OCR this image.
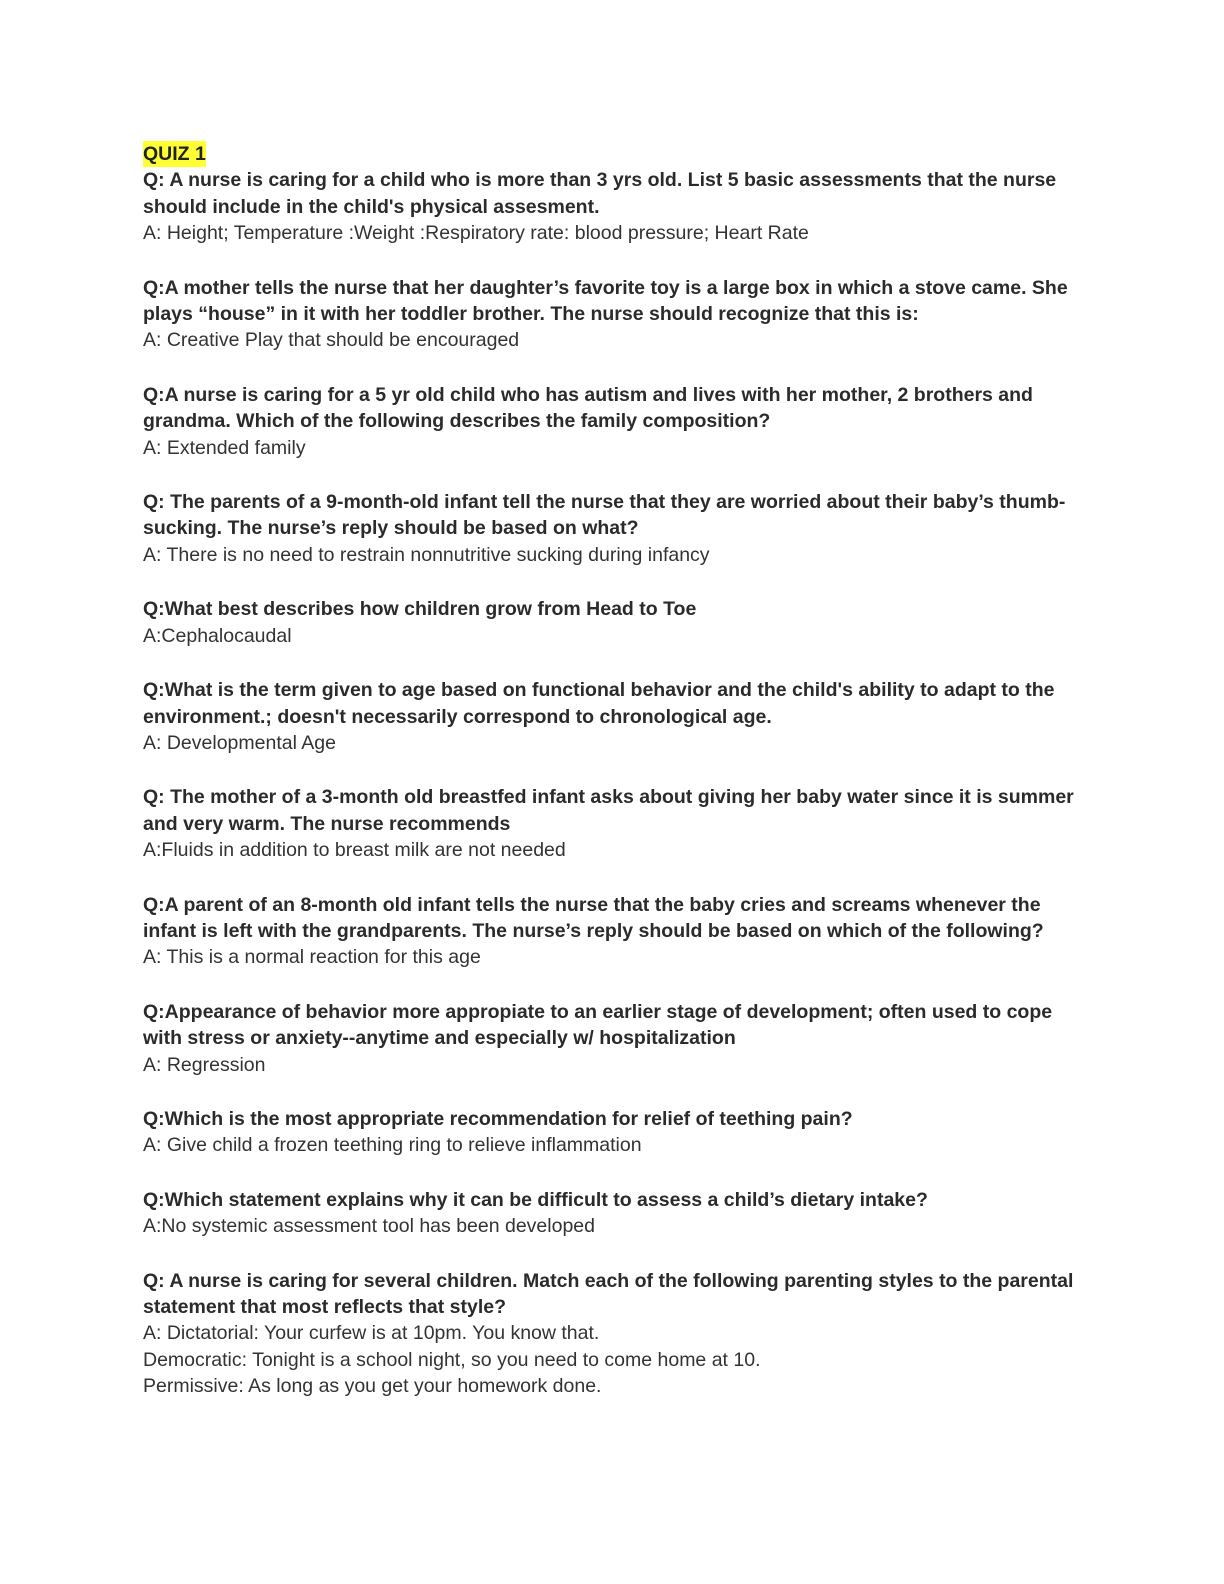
QUIZ 1

Q: A nurse is caring for a child who is more than 3 yrs old. List 5 basic assessments that the nurse should include in the child's physical assesment.

A: Height; Temperature :Weight :Respiratory rate: blood pressure; Heart Rate

Q:A mother tells the nurse that her daughter’s favorite toy is a large box in which a stove came. She plays “house” in it with her toddler brother. The nurse should recognize that this is:

A: Creative Play that should be encouraged

Q:A nurse is caring for a 5 yr old child who has autism and lives with her mother, 2 brothers and grandma. Which of the following describes the family composition?

A: Extended family

Q: The parents of a 9-month-old infant tell the nurse that they are worried about their baby’s thumb-sucking. The nurse’s reply should be based on what?

A: There is no need to restrain nonnutritive sucking during infancy

Q:What best describes how children grow from Head to Toe

A:Cephalocaudal

Q:What is the term given to age based on functional behavior and the child's ability to adapt to the environment.; doesn't necessarily correspond to chronological age.

A: Developmental Age

Q: The mother of a 3-month old breastfed infant asks about giving her baby water since it is summer and very warm. The nurse recommends

A:Fluids in addition to breast milk are not needed

Q:A parent of an 8-month old infant tells the nurse that the baby cries and screams whenever the infant is left with the grandparents. The nurse’s reply should be based on which of the following?

A: This is a normal reaction for this age

Q:Appearance of behavior more appropiate to an earlier stage of development; often used to cope with stress or anxiety--anytime and especially w/ hospitalization

A: Regression

Q:Which is the most appropriate recommendation for relief of teething pain?

A: Give child a frozen teething ring to relieve inflammation

Q:Which statement explains why it can be difficult to assess a child’s dietary intake?

A:No systemic assessment tool has been developed

Q: A nurse is caring for several children. Match each of the following parenting styles to the parental statement that most reflects that style?

A: Dictatorial: Your curfew is at 10pm. You know that.

Democratic: Tonight is a school night, so you need to come home at 10.

Permissive: As long as you get your homework done.
